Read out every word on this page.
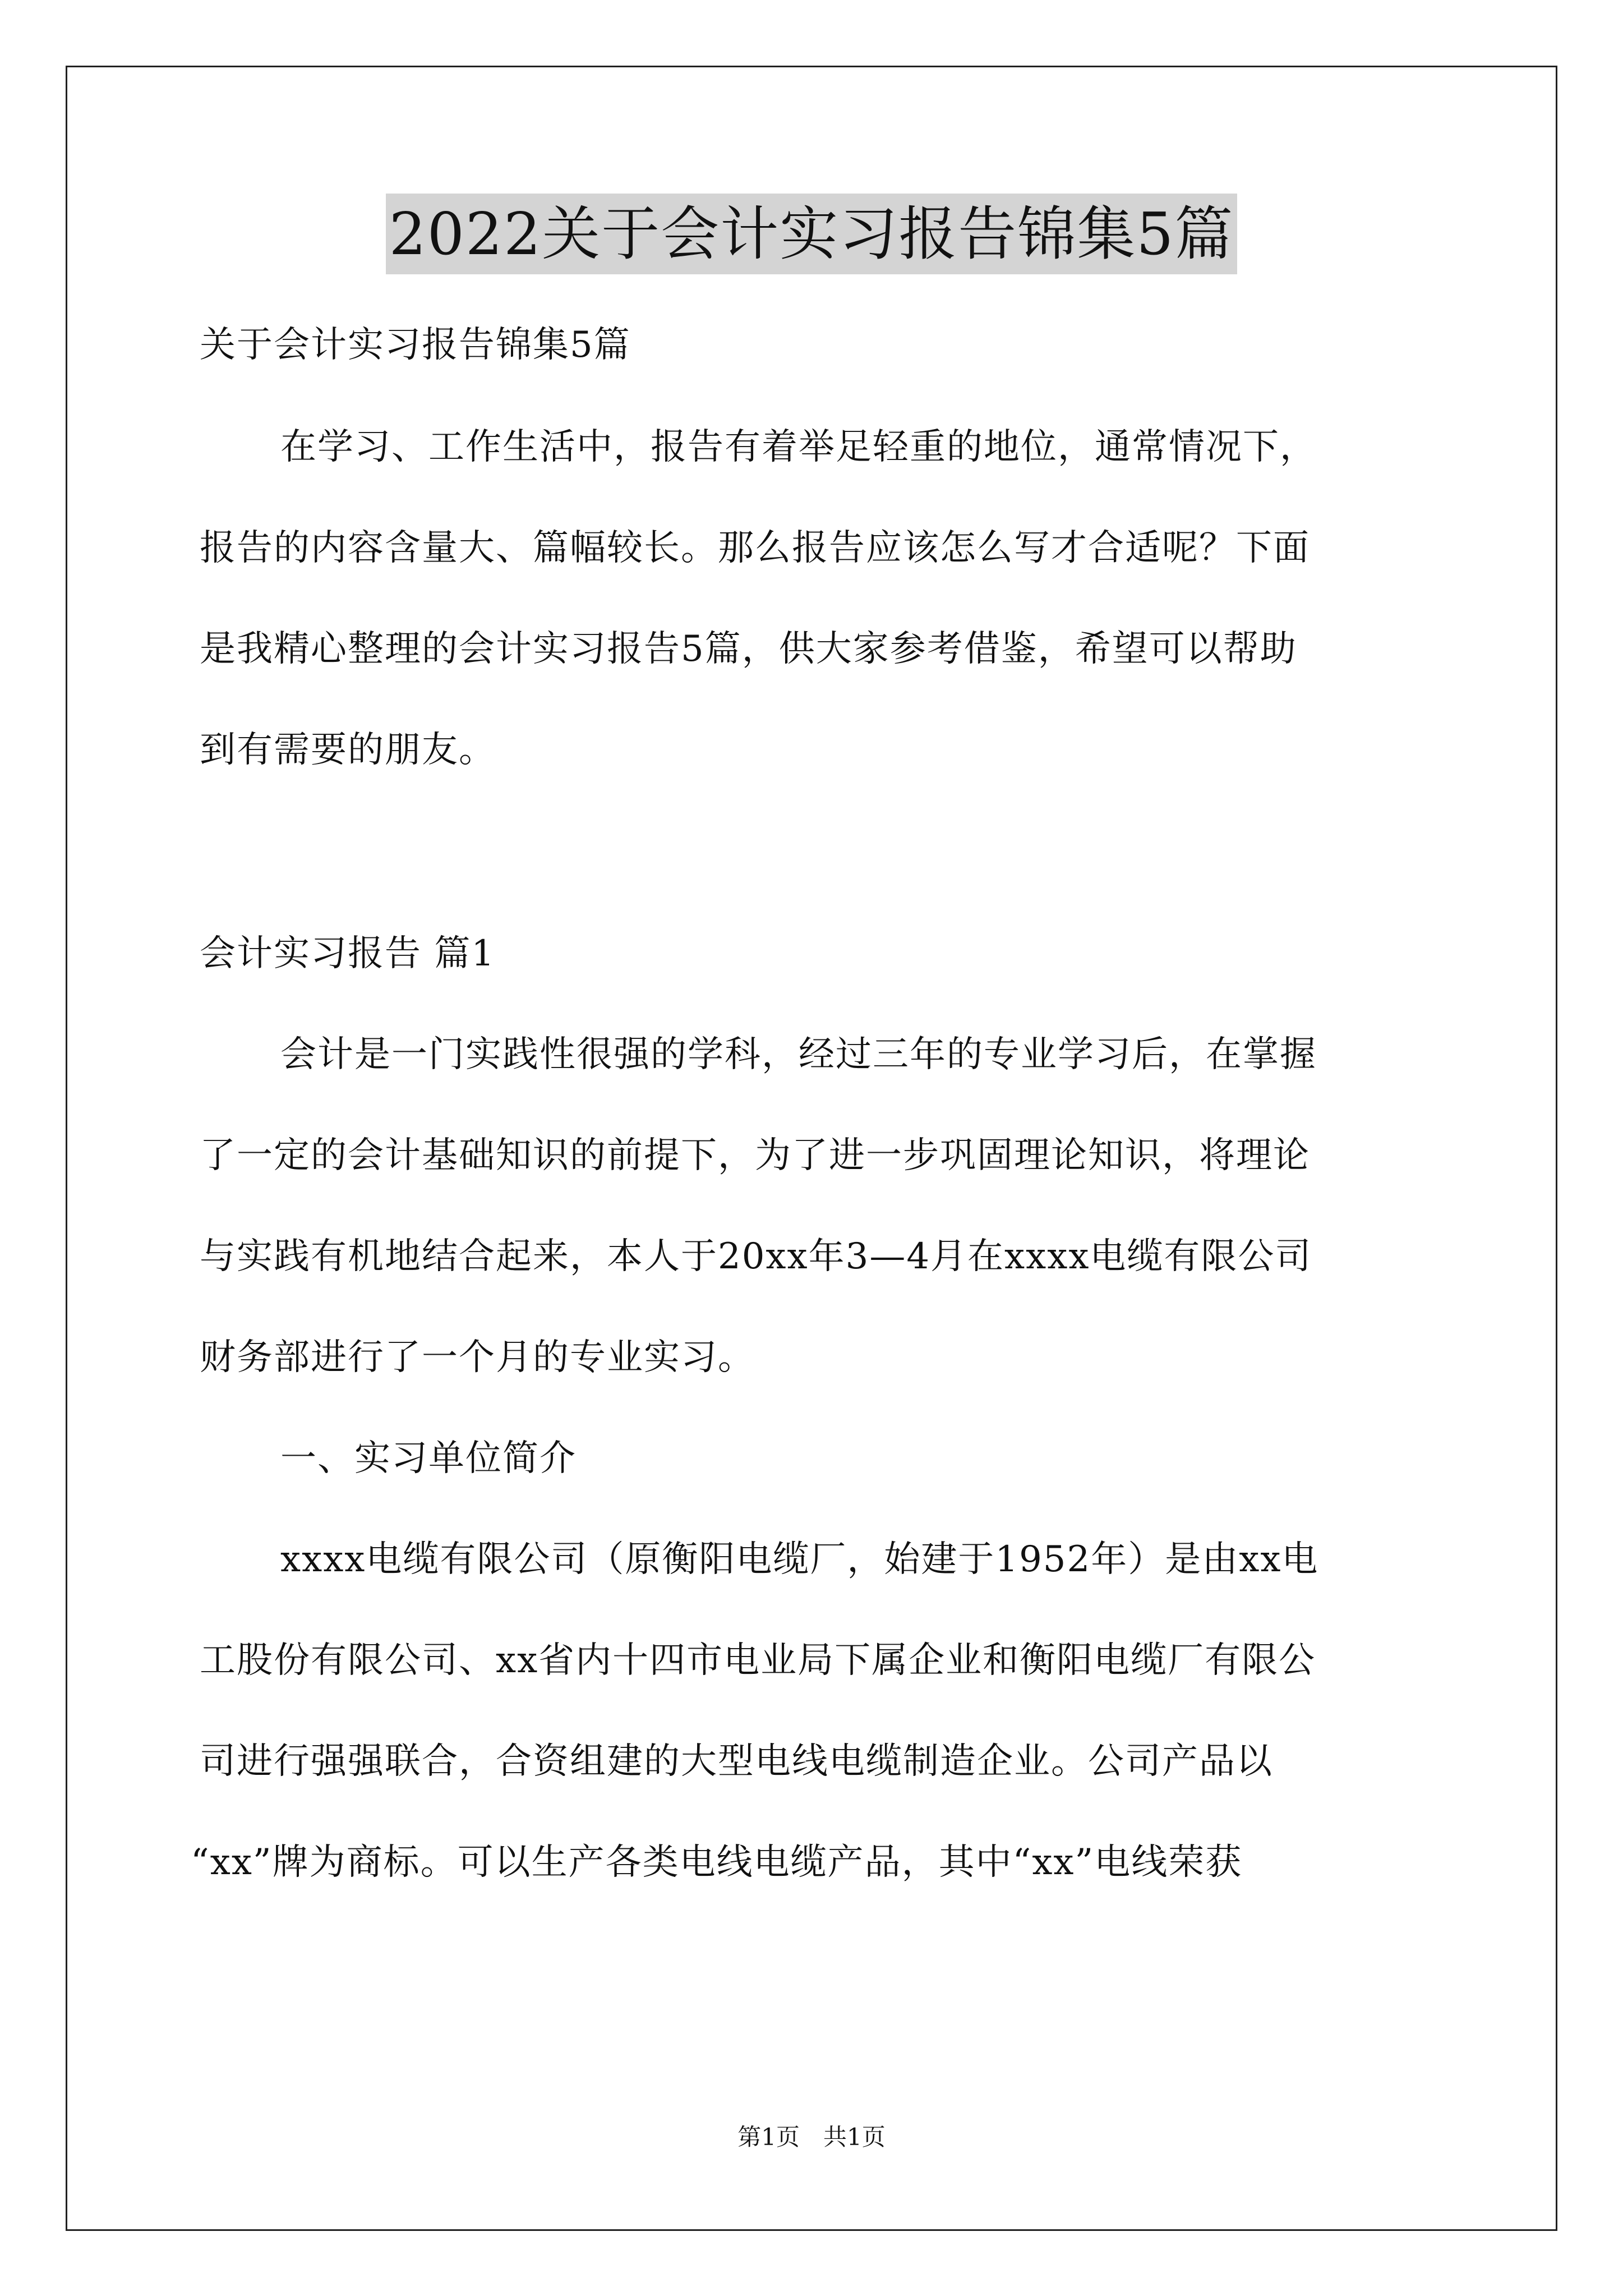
2022关于会计实习报告锦集5篇
关于会计实习报告锦集5篇
在学习、工作生活中，报告有着举足轻重的地位，通常情况下，
报告的内容含量大、篇幅较长。那么报告应该怎么写才合适呢？下面
是我精心整理的会计实习报告5篇，供大家参考借鉴，希望可以帮助
到有需要的朋友。
会计实习报告 篇1
会计是一门实践性很强的学科，经过三年的专业学习后，在掌握
了一定的会计基础知识的前提下，为了进一步巩固理论知识，将理论
与实践有机地结合起来，本人于20xx年3—4月在xxxx电缆有限公司
财务部进行了一个月的专业实习。
一、实习单位简介
xxxx电缆有限公司（原衡阳电缆厂，始建于1952年）是由xx电
工股份有限公司、xx省内十四市电业局下属企业和衡阳电缆厂有限公
司进行强强联合，合资组建的大型电线电缆制造企业。公司产品以
“xx”牌为商标。可以生产各类电线电缆产品，其中“xx”电线荣获
第1页　共1页
